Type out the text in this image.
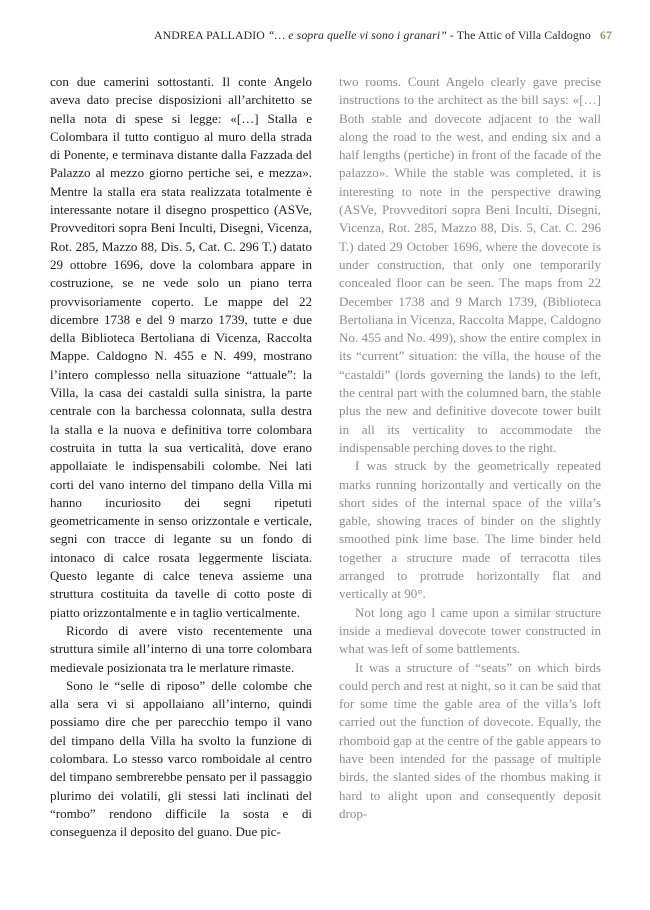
ANDREA PALLADIO “… e sopra quelle vi sono i granari” - The Attic of Villa Caldogno 67

con due camerini sottostanti. Il conte Angelo aveva dato precise disposizioni all’architetto se nella nota di spese si legge: «[…] Stalla e Colombara il tutto contiguo al muro della strada di Ponente, e terminava distante dalla Fazzada del Palazzo al mezzo giorno pertiche sei, e mezza». Mentre la stalla era stata realizzata totalmente è interessante notare il disegno prospettico (ASVe, Provveditori sopra Beni Inculti, Disegni, Vicenza, Rot. 285, Mazzo 88, Dis. 5, Cat. C. 296 T.) datato 29 ottobre 1696, dove la colombara appare in costruzione, se ne vede solo un piano terra provvisoriamente coperto. Le mappe del 22 dicembre 1738 e del 9 marzo 1739, tutte e due della Biblioteca Bertoliana di Vicenza, Raccolta Mappe. Caldogno N. 455 e N. 499, mostrano l’intero complesso nella situazione “attuale”: la Villa, la casa dei castaldi sulla sinistra, la parte centrale con la barchessa colonnata, sulla destra la stalla e la nuova e definitiva torre colombara costruita in tutta la sua verticalità, dove erano appollaiate le indispensabili colombe. Nei lati corti del vano interno del timpano della Villa mi hanno incuriosito dei segni ripetuti geometricamente in senso orizzontale e verticale, segni con tracce di legante su un fondo di intonaco di calce rosata leggermente lisciata. Questo legante di calce teneva assieme una struttura costituita da tavelle di cotto poste di piatto orizzontalmente e in taglio verticalmente.

Ricordo di avere visto recentemente una struttura simile all’interno di una torre colombara medievale posizionata tra le merlature rimaste.

Sono le “selle di riposo” delle colombe che alla sera vi si appollaiano all’interno, quindi possiamo dire che per parecchio tempo il vano del timpano della Villa ha svolto la funzione di colombara. Lo stesso varco romboidale al centro del timpano sembrerebbe pensato per il passaggio plurimo dei volatili, gli stessi lati inclinati del “rombo” rendono difficile la sosta e di conseguenza il deposito del guano. Due pic-

two rooms. Count Angelo clearly gave precise instructions to the architect as the bill says: «[…] Both stable and dovecote adjacent to the wall along the road to the west, and ending six and a half lengths (pertiche) in front of the facade of the palazzo». While the stable was completed, it is interesting to note in the perspective drawing (ASVe, Provveditori sopra Beni Inculti, Disegni, Vicenza, Rot. 285, Mazzo 88, Dis. 5, Cat. C. 296 T.) dated 29 October 1696, where the dovecote is under construction, that only one temporarily concealed floor can be seen. The maps from 22 December 1738 and 9 March 1739, (Biblioteca Bertoliana in Vicenza, Raccolta Mappe, Caldogno No. 455 and No. 499), show the entire complex in its “current” situation: the villa, the house of the “castaldi” (lords governing the lands) to the left, the central part with the columned barn, the stable plus the new and definitive dovecote tower built in all its verticality to accommodate the indispensable perching doves to the right.

I was struck by the geometrically repeated marks running horizontally and vertically on the short sides of the internal space of the villa’s gable, showing traces of binder on the slightly smoothed pink lime base. The lime binder held together a structure made of terracotta tiles arranged to protrude horizontally flat and vertically at 90°.

Not long ago I came upon a similar structure inside a medieval dovecote tower constructed in what was left of some battlements.

It was a structure of “seats” on which birds could perch and rest at night, so it can be said that for some time the gable area of the villa’s loft carried out the function of dovecote. Equally, the rhomboid gap at the centre of the gable appears to have been intended for the passage of multiple birds, the slanted sides of the rhombus making it hard to alight upon and consequently deposit drop-
